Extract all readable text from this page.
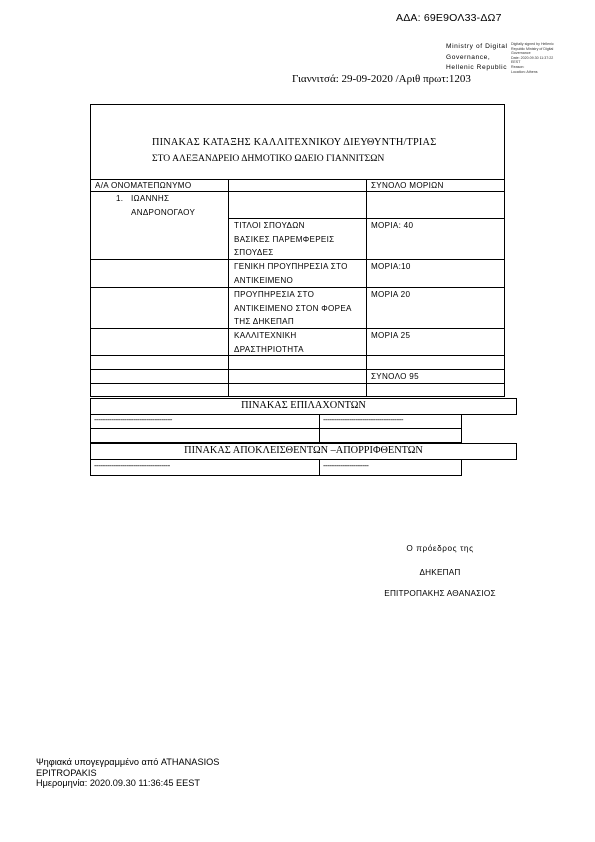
ΑΔΑ: 69Ε9ΟΛ33-ΔΩ7
Ministry of Digital
Governance,
Hellenic Republic
Digitally signed by Hellenic
Republic Ministry of Digital
Governance
Date: 2020.09.30 11:37:22
EEST
Reason:
Location: Athens
Γιαννιτσά: 29-09-2020 /Αριθ πρωτ:1203
ΠΙΝΑΚΑΣ ΚΑΤΑΞΗΣ ΚΑΛΛΙΤΕΧΝΙΚΟΥ ΔΙΕΥΘΥΝΤΗ/ΤΡΙΑΣ
ΣΤΟ ΑΛΕΞΑΝΔΡΕΙΟ ΔΗΜΟΤΙΚΟ ΩΔΕΙΟ ΓΙΑΝΝΙΤΣΩΝ
Α/Α ΟΝΟΜΑΤΕΠΩΝΥΜΟ	ΣΥΝΟΛΟ ΜΟΡΙΩΝ
1. ΙΩΑΝΝΗΣ
ΑΝΔΡΟΝΟΓΑΟΥ
ΤΙΤΛΟΙ ΣΠΟΥΔΩΝ
ΒΑΣΙΚΕΣ ΠΑΡΕΜΦΕΡΕΙΣ
ΣΠΟΥΔΕΣ
ΜΟΡΙΑ: 40
ΓΕΝΙΚΗ ΠΡΟΥΠΗΡΕΣΙΑ ΣΤΟ
ΑΝΤΙΚΕΙΜΕΝΟ
ΜΟΡΙΑ:10
ΠΡΟΥΠΗΡΕΣΙΑ ΣΤΟ
ΑΝΤΙΚΕΙΜΕΝΟ ΣΤΟΝ ΦΟΡΕΑ
ΤΗΣ ΔΗΚΕΠΑΠ
ΜΟΡΙΑ 20
ΚΑΛΛΙΤΕΧΝΙΚΗ
ΔΡΑΣΤΗΡΙΟΤΗΤΑ
ΜΟΡΙΑ 25
ΣΥΝΟΛΟ 95
ΠΙΝΑΚΑΣ ΕΠΙΛΑΧΟΝΤΩΝ
------------------------------------	-------------------------------------
ΠΙΝΑΚΑΣ ΑΠΟΚΛΕΙΣΘΕΝΤΩΝ –ΑΠΟΡΡΙΦΘΕΝΤΩΝ
-----------------------------------	---------------------
Ο πρόεδρος της
ΔΗΚΕΠΑΠ
ΕΠΙΤΡΟΠΑΚΗΣ ΑΘΑΝΑΣΙΟΣ
Ψηφιακά υπογεγραμμένο από ATHANASIOS
EPITROPAKIS
Ημερομηνία: 2020.09.30 11:36:45 EEST
